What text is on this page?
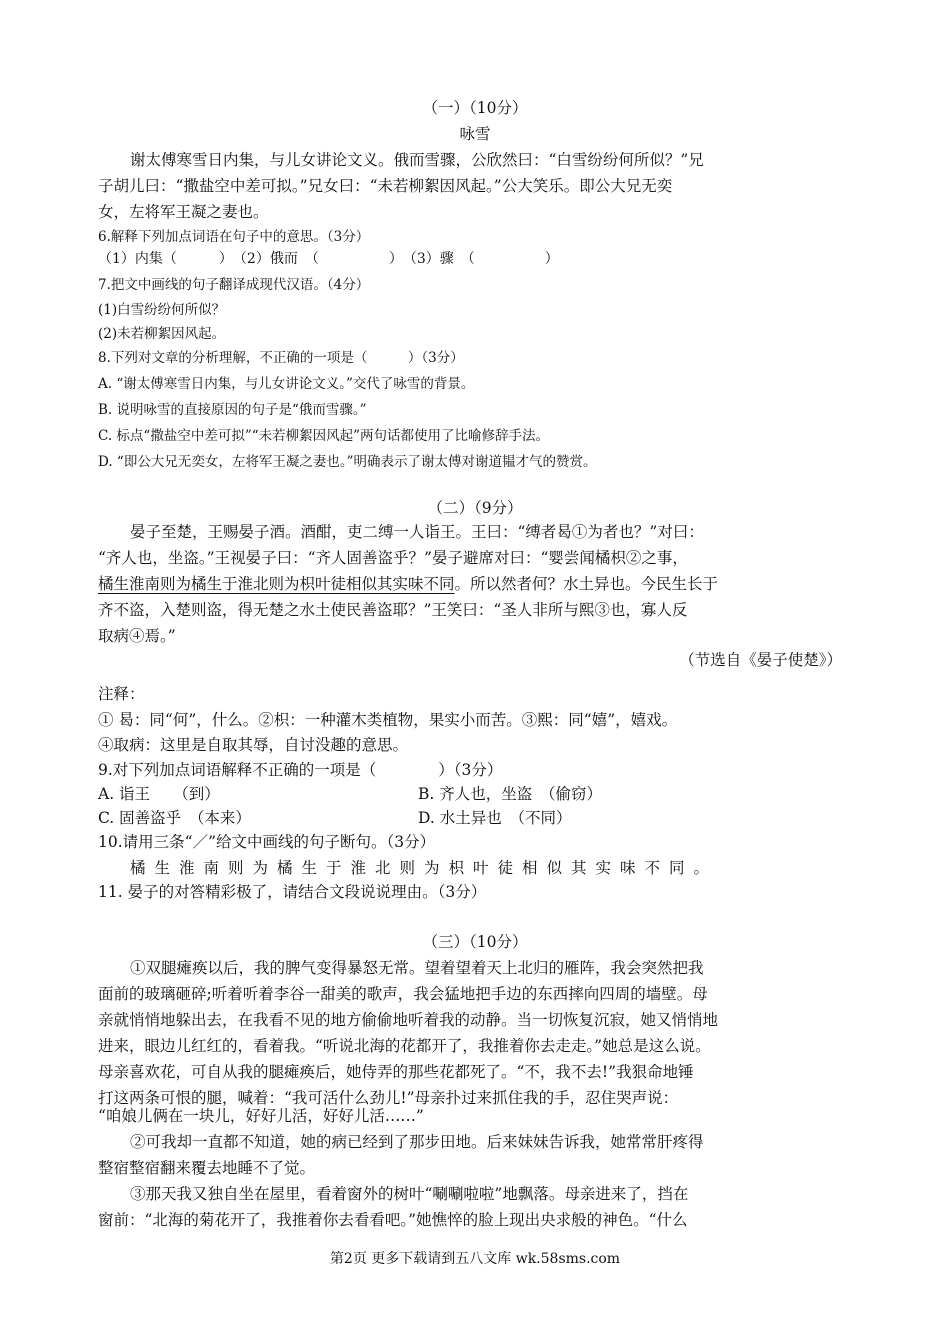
（一）（10分）
咏雪
谢太傅寒雪日内集，与儿女讲论文义。俄而雪骤，公欣然曰：“白雪纷纷何所似？”兄
子胡儿曰：“撒盐空中差可拟。”兄女曰：“未若柳絮因风起。”公大笑乐。即公大兄无奕
女，左将军王凝之妻也。
6.解释下列加点词语在句子中的意思。（3分）
（1）内集（　　　）　（2）俄而　（　　　　　）　（3）骤　（　　　　　）
7.把文中画线的句子翻译成现代汉语。（4分）
(1)白雪纷纷何所似？
(2)未若柳絮因风起。
8.下列对文章的分析理解，不正确的一项是（　　　）（3分）
A. “谢太傅寒雪日内集，与儿女讲论文义。”交代了咏雪的背景。
B. 说明咏雪的直接原因的句子是“俄而雪骤。”
C. 标点“撒盐空中差可拟”“未若柳絮因风起”两句话都使用了比喻修辞手法。
D. “即公大兄无奕女，左将军王凝之妻也。”明确表示了谢太傅对谢道韫才气的赞赏。
（二）（9分）
晏子至楚，王赐晏子酒。酒酣，吏二缚一人诣王。王曰：“缚者曷①为者也？”对曰：
“齐人也，坐盗。”王视晏子曰：“齐人固善盗乎？”晏子避席对曰：“婴尝闻橘枳②之事，
橘生淮南则为橘生于淮北则为枳叶徒相似其实味不同。所以然者何？水土异也。今民生长于
齐不盗，入楚则盗，得无楚之水土使民善盗耶？”王笑曰：“圣人非所与熙③也，寡人反
取病④焉。”
（节选自《晏子使楚》）
注释：
① 曷：同“何”，什么。②枳：一种灌木类植物，果实小而苦。③熙：同“嬉”，嬉戏。
④取病：这里是自取其辱，自讨没趣的意思。
9.对下列加点词语解释不正确的一项是（　　　　）（3分）
A. 诣王　　（到）	B. 齐人也，坐盗　（偷窃）
C. 固善盗乎　（本来）	D. 水土异也　（不同）
10.请用三条“／”给文中画线的句子断句。（3分）
橘生淮南则为橘生于淮北则为枳叶徒相似其实味不同。
11. 晏子的对答精彩极了，请结合文段说说理由。（3分）
（三）（10分）
①双腿瘫痪以后，我的脾气变得暴怒无常。望着望着天上北归的雁阵，我会突然把我
面前的玻璃砸碎;听着听着李谷一甜美的歌声，我会猛地把手边的东西摔向四周的墙壁。母
亲就悄悄地躲出去，在我看不见的地方偷偷地听着我的动静。当一切恢复沉寂，她又悄悄地
进来，眼边儿红红的，看着我。“听说北海的花都开了，我推着你去走走。”她总是这么说。
母亲喜欢花，可自从我的腿瘫痪后，她侍弄的那些花都死了。“不，我不去!”我狠命地锤
打这两条可恨的腿，喊着：“我可活什么劲儿!”母亲扑过来抓住我的手，忍住哭声说：
“咱娘儿俩在一块儿，好好儿活，好好儿活……”
②可我却一直都不知道，她的病已经到了那步田地。后来妹妹告诉我，她常常肝疼得
整宿整宿翻来覆去地睡不了觉。
③那天我又独自坐在屋里，看着窗外的树叶“唰唰啦啦”地飘落。母亲进来了，挡在
窗前：“北海的菊花开了，我推着你去看看吧。”她憔悴的脸上现出央求般的神色。“什么
第2页 更多下载请到五八文库 wk.58sms.com
